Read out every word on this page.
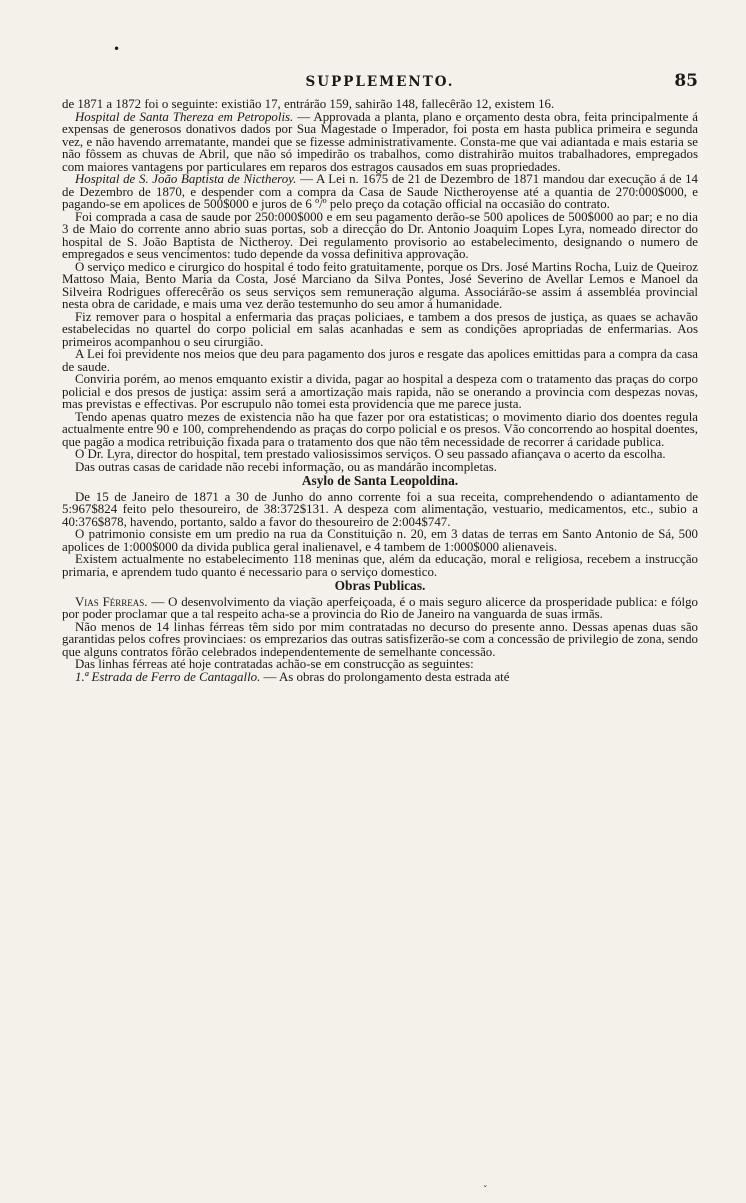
•
SUPPLEMENTO.	85

de 1871 a 1872 foi o seguinte: existião 17, entrárão 159, sahirão 148, fallecêrão 12, existem 16.

Hospital de Santa Thereza em Petropolis. — Approvada a planta, plano e orçamento desta obra, feita principalmente á expensas de generosos donativos dados por Sua Magestade o Imperador, foi posta em hasta publica primeira e segunda vez, e não havendo arrematante, mandei que se fizesse administrativamente. Consta-me que vai adiantada e mais estaria se não fôssem as chuvas de Abril, que não só impedirão os trabalhos, como distrahirão muitos trabalhadores, empregados com maiores vantagens por particulares em reparos dos estragos causados em suas propriedades.

Hospital de S. João Baptista de Nictheroy. — A Lei n. 1675 de 21 de Dezembro de 1871 mandou dar execução á de 14 de Dezembro de 1870, e despender com a compra da Casa de Saude Nictheroyense até a quantia de 270:000$000, e pagando-se em apolices de 500$000 e juros de 6 º/º pelo preço da cotação official na occasião do contrato.

Foi comprada a casa de saude por 250:000$000 e em seu pagamento derão-se 500 apolices de 500$000 ao par; e no dia 3 de Maio do corrente anno abrio suas portas, sob a direcção do Dr. Antonio Joaquim Lopes Lyra, nomeado director do hospital de S. João Baptista de Nictheroy. Dei regulamento provisorio ao estabelecimento, designando o numero de empregados e seus vencimentos: tudo depende da vossa definitiva approvação.

O serviço medico e cirurgico do hospital é todo feito gratuitamente, porque os Drs. José Martins Rocha, Luiz de Queiroz Mattoso Maia, Bento Maria da Costa, José Marciano da Silva Pontes, José Severino de Avellar Lemos e Manoel da Silveira Rodrigues offerecêrão os seus serviços sem remuneração alguma. Associárão-se assim á assembléa provincial nesta obra de caridade, e mais uma vez derão testemunho do seu amor á humanidade.

Fiz remover para o hospital a enfermaria das praças policiaes, e tambem a dos presos de justiça, as quaes se achavão estabelecidas no quartel do corpo policial em salas acanhadas e sem as condições apropriadas de enfermarias. Aos primeiros acompanhou o seu cirurgião.

A Lei foi previdente nos meios que deu para pagamento dos juros e resgate das apolices emittidas para a compra da casa de saude.

Conviria porém, ao menos emquanto existir a divida, pagar ao hospital a despeza com o tratamento das praças do corpo policial e dos presos de justiça: assim será a amortização mais rapida, não se onerando a provincia com despezas novas, mas previstas e effectivas. Por escrupulo não tomei esta providencia que me parece justa.

Tendo apenas quatro mezes de existencia não ha que fazer por ora estatisticas; o movimento diario dos doentes regula actualmente entre 90 e 100, comprehendendo as praças do corpo policial e os presos. Vão concorrendo ao hospital doentes, que pagão a modica retribuição fixada para o tratamento dos que não têm necessidade de recorrer á caridade publica.

O Dr. Lyra, director do hospital, tem prestado valiosissimos serviços. O seu passado afiançava o acerto da escolha.

Das outras casas de caridade não recebi informação, ou as mandárão incompletas.

Asylo de Santa Leopoldina.

De 15 de Janeiro de 1871 a 30 de Junho do anno corrente foi a sua receita, comprehendendo o adiantamento de 5:967$824 feito pelo thesoureiro, de 38:372$131. A despeza com alimentação, vestuario, medicamentos, etc., subio a 40:376$878, havendo, portanto, saldo a favor do thesoureiro de 2:004$747.

O patrimonio consiste em um predio na rua da Constituição n. 20, em 3 datas de terras em Santo Antonio de Sá, 500 apolices de 1:000$000 da divida publica geral inalienavel, e 4 tambem de 1:000$000 alienaveis.

Existem actualmente no estabelecimento 118 meninas que, além da educação, moral e religiosa, recebem a instrucção primaria, e aprendem tudo quanto é necessario para o serviço domestico.

Obras Publicas.

Vias Férreas. — O desenvolvimento da viação aperfeiçoada, é o mais seguro alicerce da prosperidade publica: e fólgo por poder proclamar que a tal respeito acha-se a provincia do Rio de Janeiro na vanguarda de suas irmãs.

Não menos de 14 linhas férreas têm sido por mim contratadas no decurso do presente anno. Dessas apenas duas são garantidas pelos cofres provinciaes: os emprezarios das outras satisfizerão-se com a concessão de privilegio de zona, sendo que alguns contratos fôrão celebrados independentemente de semelhante concessão.

Das linhas férreas até hoje contratadas achão-se em construcção as seguintes:

1.ª Estrada de Ferro de Cantagallo. — As obras do prolongamento desta estrada até

ˇ
